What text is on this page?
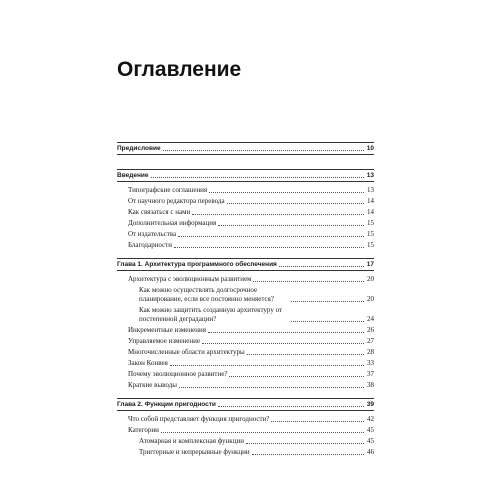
Оглавление
Предисловие	10
Введение	13
Типографские соглашения	13
От научного редактора перевода	14
Как связаться с нами	14
Дополнительная информация	15
От издательства	15
Благодарности	15
Глава 1. Архитектура программного обеспечения	17
Архитектура с эволюционным развитием	20
Как можно осуществлять долгосрочное планирование, если все постоянно меняется?	20
Как можно защитить созданную архитектуру от постепенной деградации?	24
Инкрементные изменения	26
Управляемое изменение	27
Многочисленные области архитектуры	28
Закон Конвея	33
Почему эволюционное развитие?	37
Краткие выводы	38
Глава 2. Функции пригодности	39
Что собой представляет функция пригодности?	42
Категории	45
Атомарная и комплексная функции	45
Триггерные и непрерывные функции	46
